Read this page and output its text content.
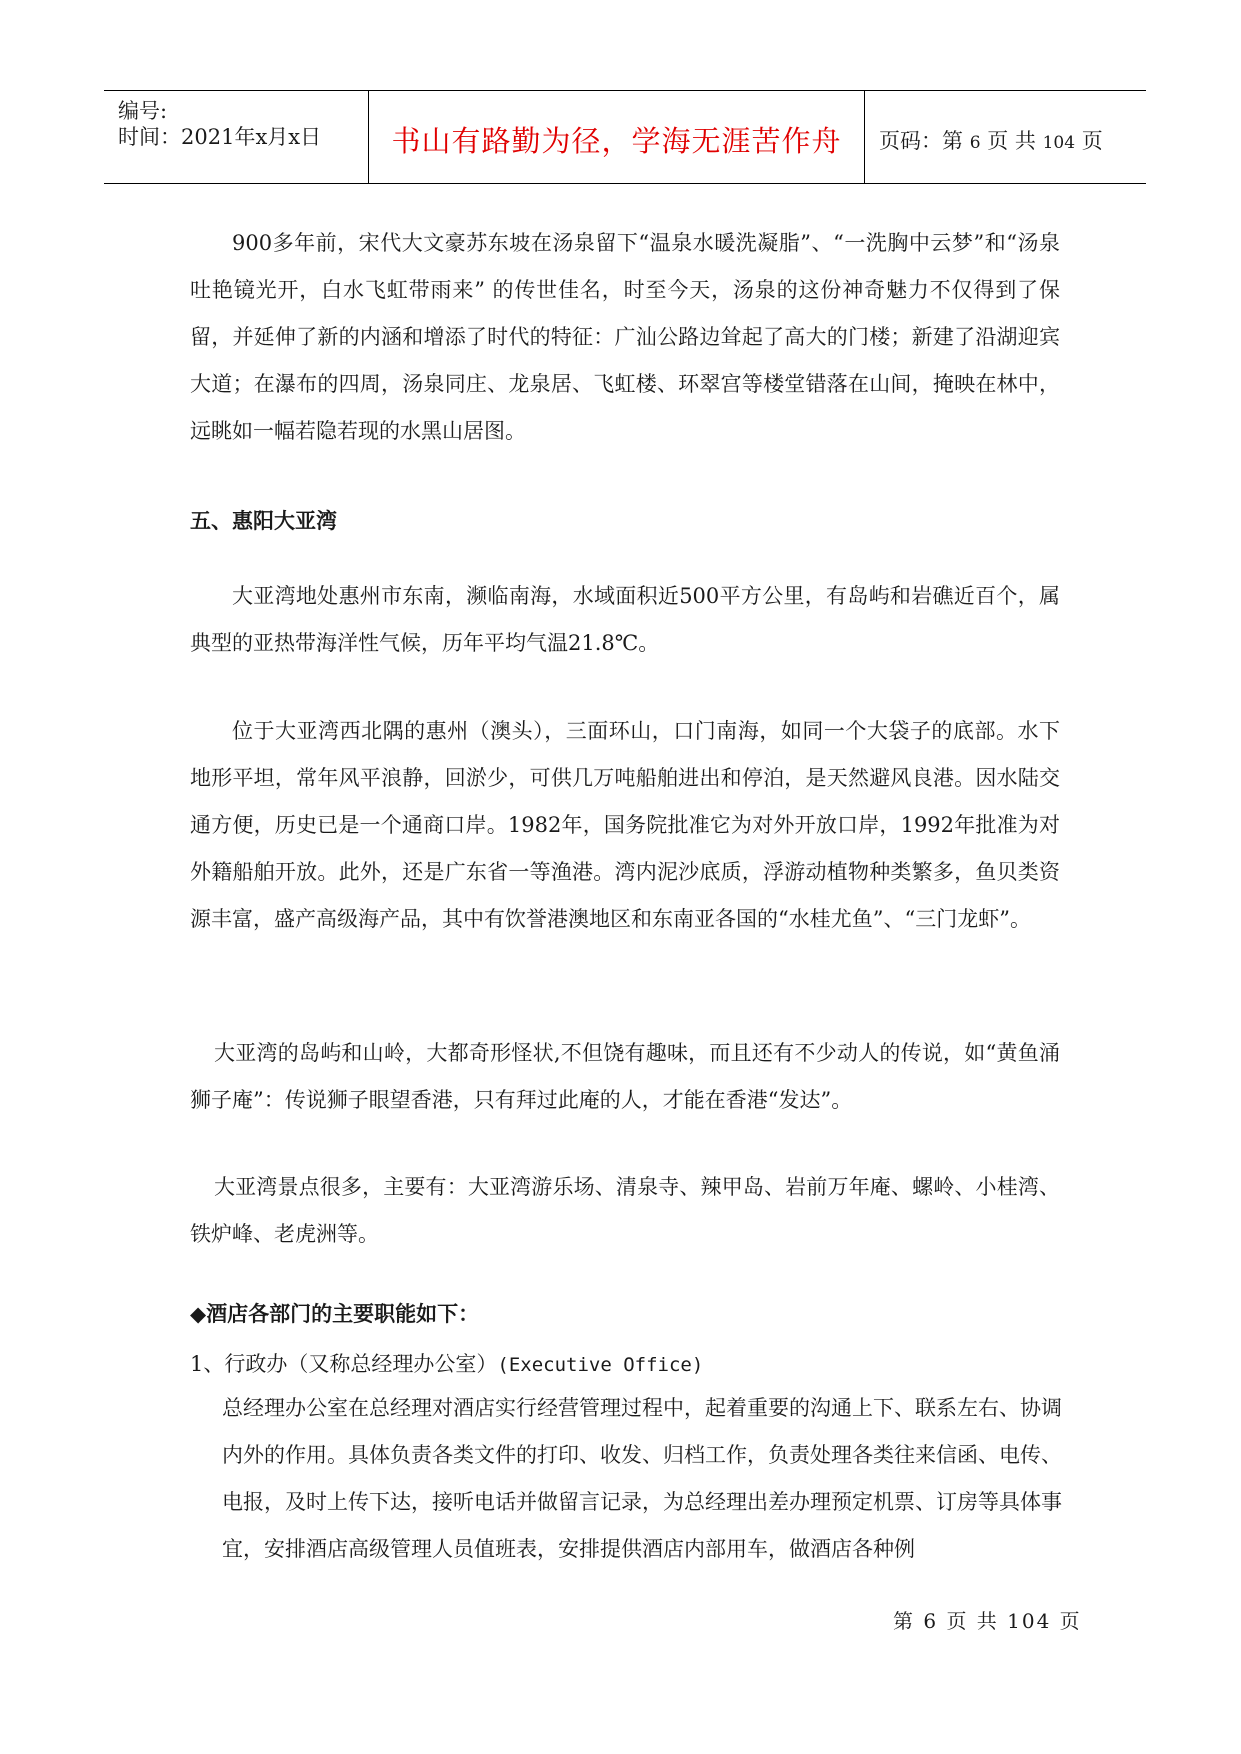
编号:
时间：2021年x月x日	书山有路勤为径，学海无涯苦作舟	页码：第 6 页 共 104 页

900多年前，宋代大文豪苏东坡在汤泉留下“温泉水暖洗凝脂”、“一洗胸中云梦”和“汤泉吐艳镜光开，白水飞虹带雨来” 的传世佳名，时至今天，汤泉的这份神奇魅力不仅得到了保留，并延伸了新的内涵和增添了时代的特征：广汕公路边耸起了高大的门楼；新建了沿湖迎宾大道；在瀑布的四周，汤泉同庄、龙泉居、飞虹楼、环翠宫等楼堂错落在山间，掩映在林中，远眺如一幅若隐若现的水黑山居图。

五、惠阳大亚湾

大亚湾地处惠州市东南，濒临南海，水域面积近500平方公里，有岛屿和岩礁近百个，属典型的亚热带海洋性气候，历年平均气温21.8℃。

位于大亚湾西北隅的惠州（澳头），三面环山，口门南海，如同一个大袋子的底部。水下地形平坦，常年风平浪静，回淤少，可供几万吨船舶进出和停泊，是天然避风良港。因水陆交通方便，历史已是一个通商口岸。1982年，国务院批准它为对外开放口岸，1992年批准为对外籍船舶开放。此外，还是广东省一等渔港。湾内泥沙底质，浮游动植物种类繁多，鱼贝类资源丰富，盛产高级海产品，其中有饮誉港澳地区和东南亚各国的“水桂尤鱼”、“三门龙虾”。

大亚湾的岛屿和山岭，大都奇形怪状,不但饶有趣味，而且还有不少动人的传说，如“黄鱼涌狮子庵”：传说狮子眼望香港，只有拜过此庵的人，才能在香港“发达”。

大亚湾景点很多，主要有：大亚湾游乐场、清泉寺、辣甲岛、岩前万年庵、螺岭、小桂湾、铁炉峰、老虎洲等。

◆酒店各部门的主要职能如下：

1、行政办（又称总经理办公室）(Executive Office)

总经理办公室在总经理对酒店实行经营管理过程中，起着重要的沟通上下、联系左右、协调内外的作用。具体负责各类文件的打印、收发、归档工作，负责处理各类往来信函、电传、电报，及时上传下达，接听电话并做留言记录，为总经理出差办理预定机票、订房等具体事宜，安排酒店高级管理人员值班表，安排提供酒店内部用车，做酒店各种例

第 6 页 共 104 页
